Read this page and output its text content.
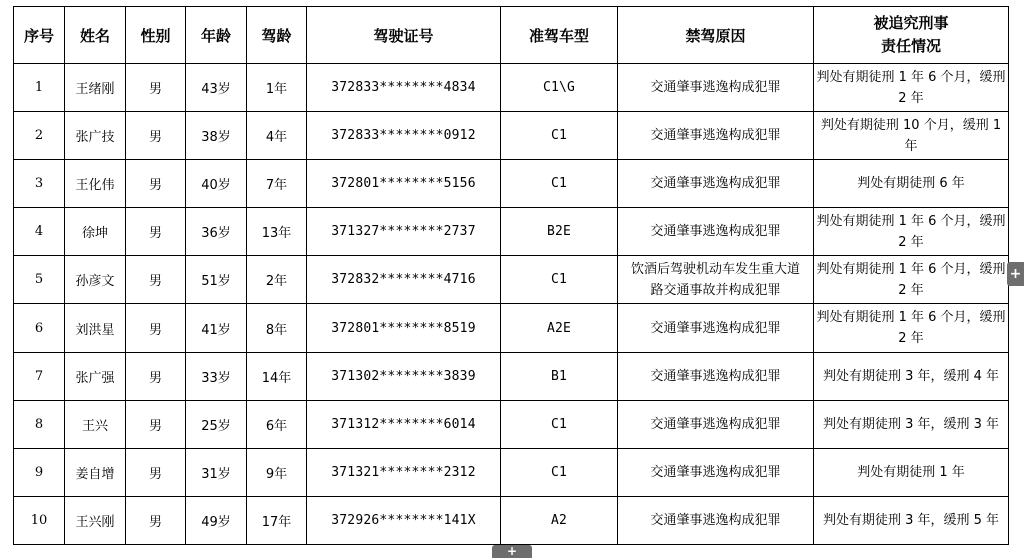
序号	姓名	性别	年龄	驾龄	驾驶证号	准驾车型	禁驾原因	被追究刑事
责任情况

1	王绪刚	男	43岁	1年	372833********4834	C1\G	交通肇事逃逸构成犯罪	判处有期徒刑 1 年 6 个月，缓刑 2 年
2	张广技	男	38岁	4年	372833********0912	C1	交通肇事逃逸构成犯罪	判处有期徒刑 10 个月，缓刑 1 年
3	王化伟	男	40岁	7年	372801********5156	C1	交通肇事逃逸构成犯罪	判处有期徒刑 6 年
4	徐坤	男	36岁	13年	371327********2737	B2E	交通肇事逃逸构成犯罪	判处有期徒刑 1 年 6 个月，缓刑 2 年
5	孙彦文	男	51岁	2年	372832********4716	C1	饮酒后驾驶机动车发生重大道
路交通事故并构成犯罪	判处有期徒刑 1 年 6 个月，缓刑 2 年
6	刘洪星	男	41岁	8年	372801********8519	A2E	交通肇事逃逸构成犯罪	判处有期徒刑 1 年 6 个月，缓刑 2 年
7	张广强	男	33岁	14年	371302********3839	B1	交通肇事逃逸构成犯罪	判处有期徒刑 3 年，缓刑 4 年
8	王兴	男	25岁	6年	371312********6014	C1	交通肇事逃逸构成犯罪	判处有期徒刑 3 年，缓刑 3 年
9	姜自增	男	31岁	9年	371321********2312	C1	交通肇事逃逸构成犯罪	判处有期徒刑 1 年
10	王兴刚	男	49岁	17年	372926********141X	A2	交通肇事逃逸构成犯罪	判处有期徒刑 3 年，缓刑 5 年
+
+
